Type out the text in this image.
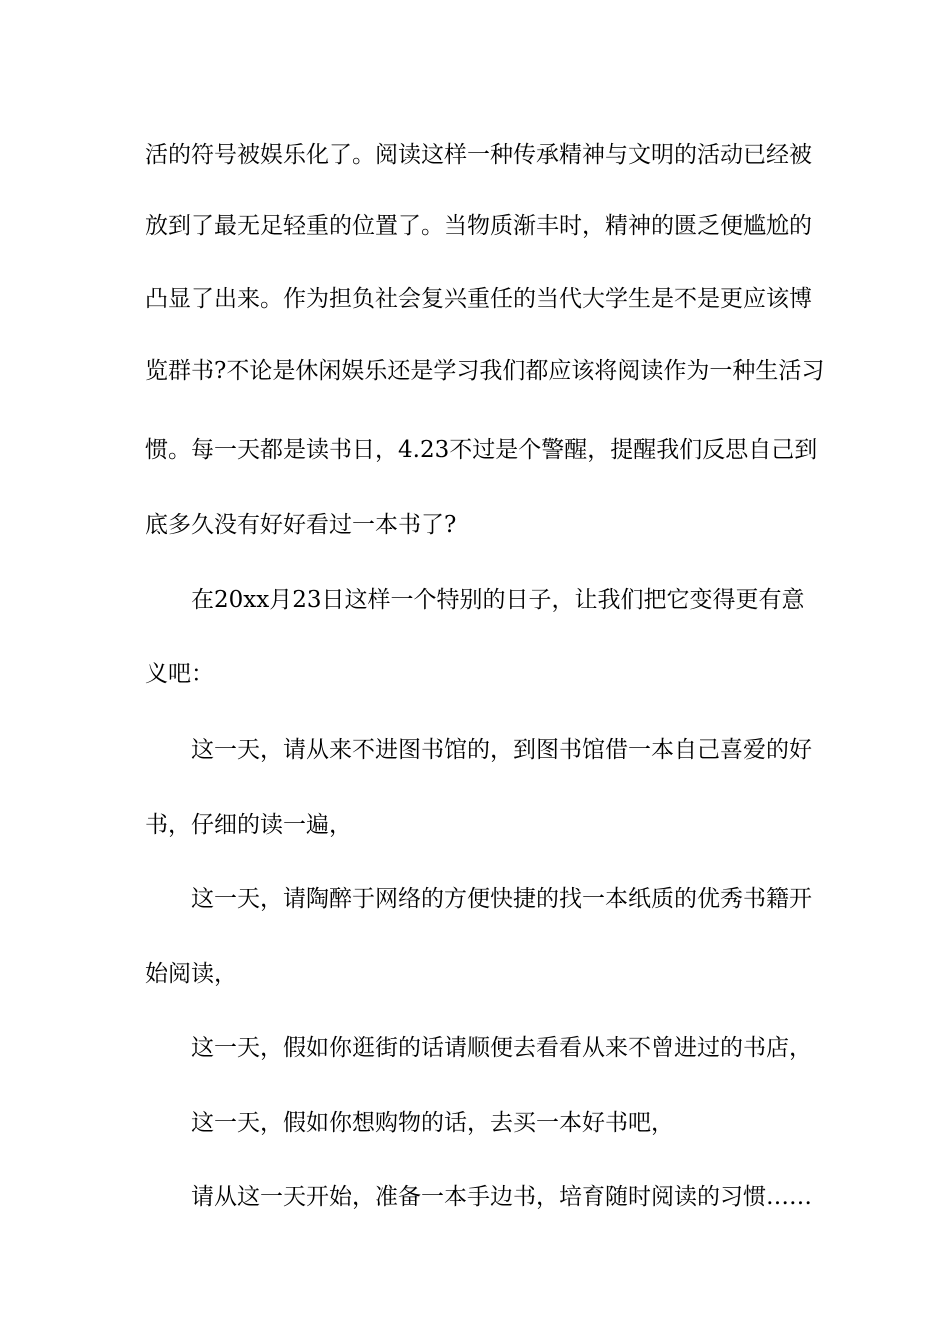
活的符号被娱乐化了。阅读这样一种传承精神与文明的活动已经被
放到了最无足轻重的位置了。当物质渐丰时，精神的匮乏便尴尬的
凸显了出来。作为担负社会复兴重任的当代大学生是不是更应该博
览群书?不论是休闲娱乐还是学习我们都应该将阅读作为一种生活习
惯。每一天都是读书日，4.23不过是个警醒，提醒我们反思自己到
底多久没有好好看过一本书了?
在20xx月23日这样一个特别的日子，让我们把它变得更有意
义吧：
这一天，请从来不进图书馆的，到图书馆借一本自己喜爱的好
书，仔细的读一遍，
这一天，请陶醉于网络的方便快捷的找一本纸质的优秀书籍开
始阅读，
这一天，假如你逛街的话请顺便去看看从来不曾进过的书店，
这一天，假如你想购物的话，去买一本好书吧，
请从这一天开始，准备一本手边书，培育随时阅读的习惯……
